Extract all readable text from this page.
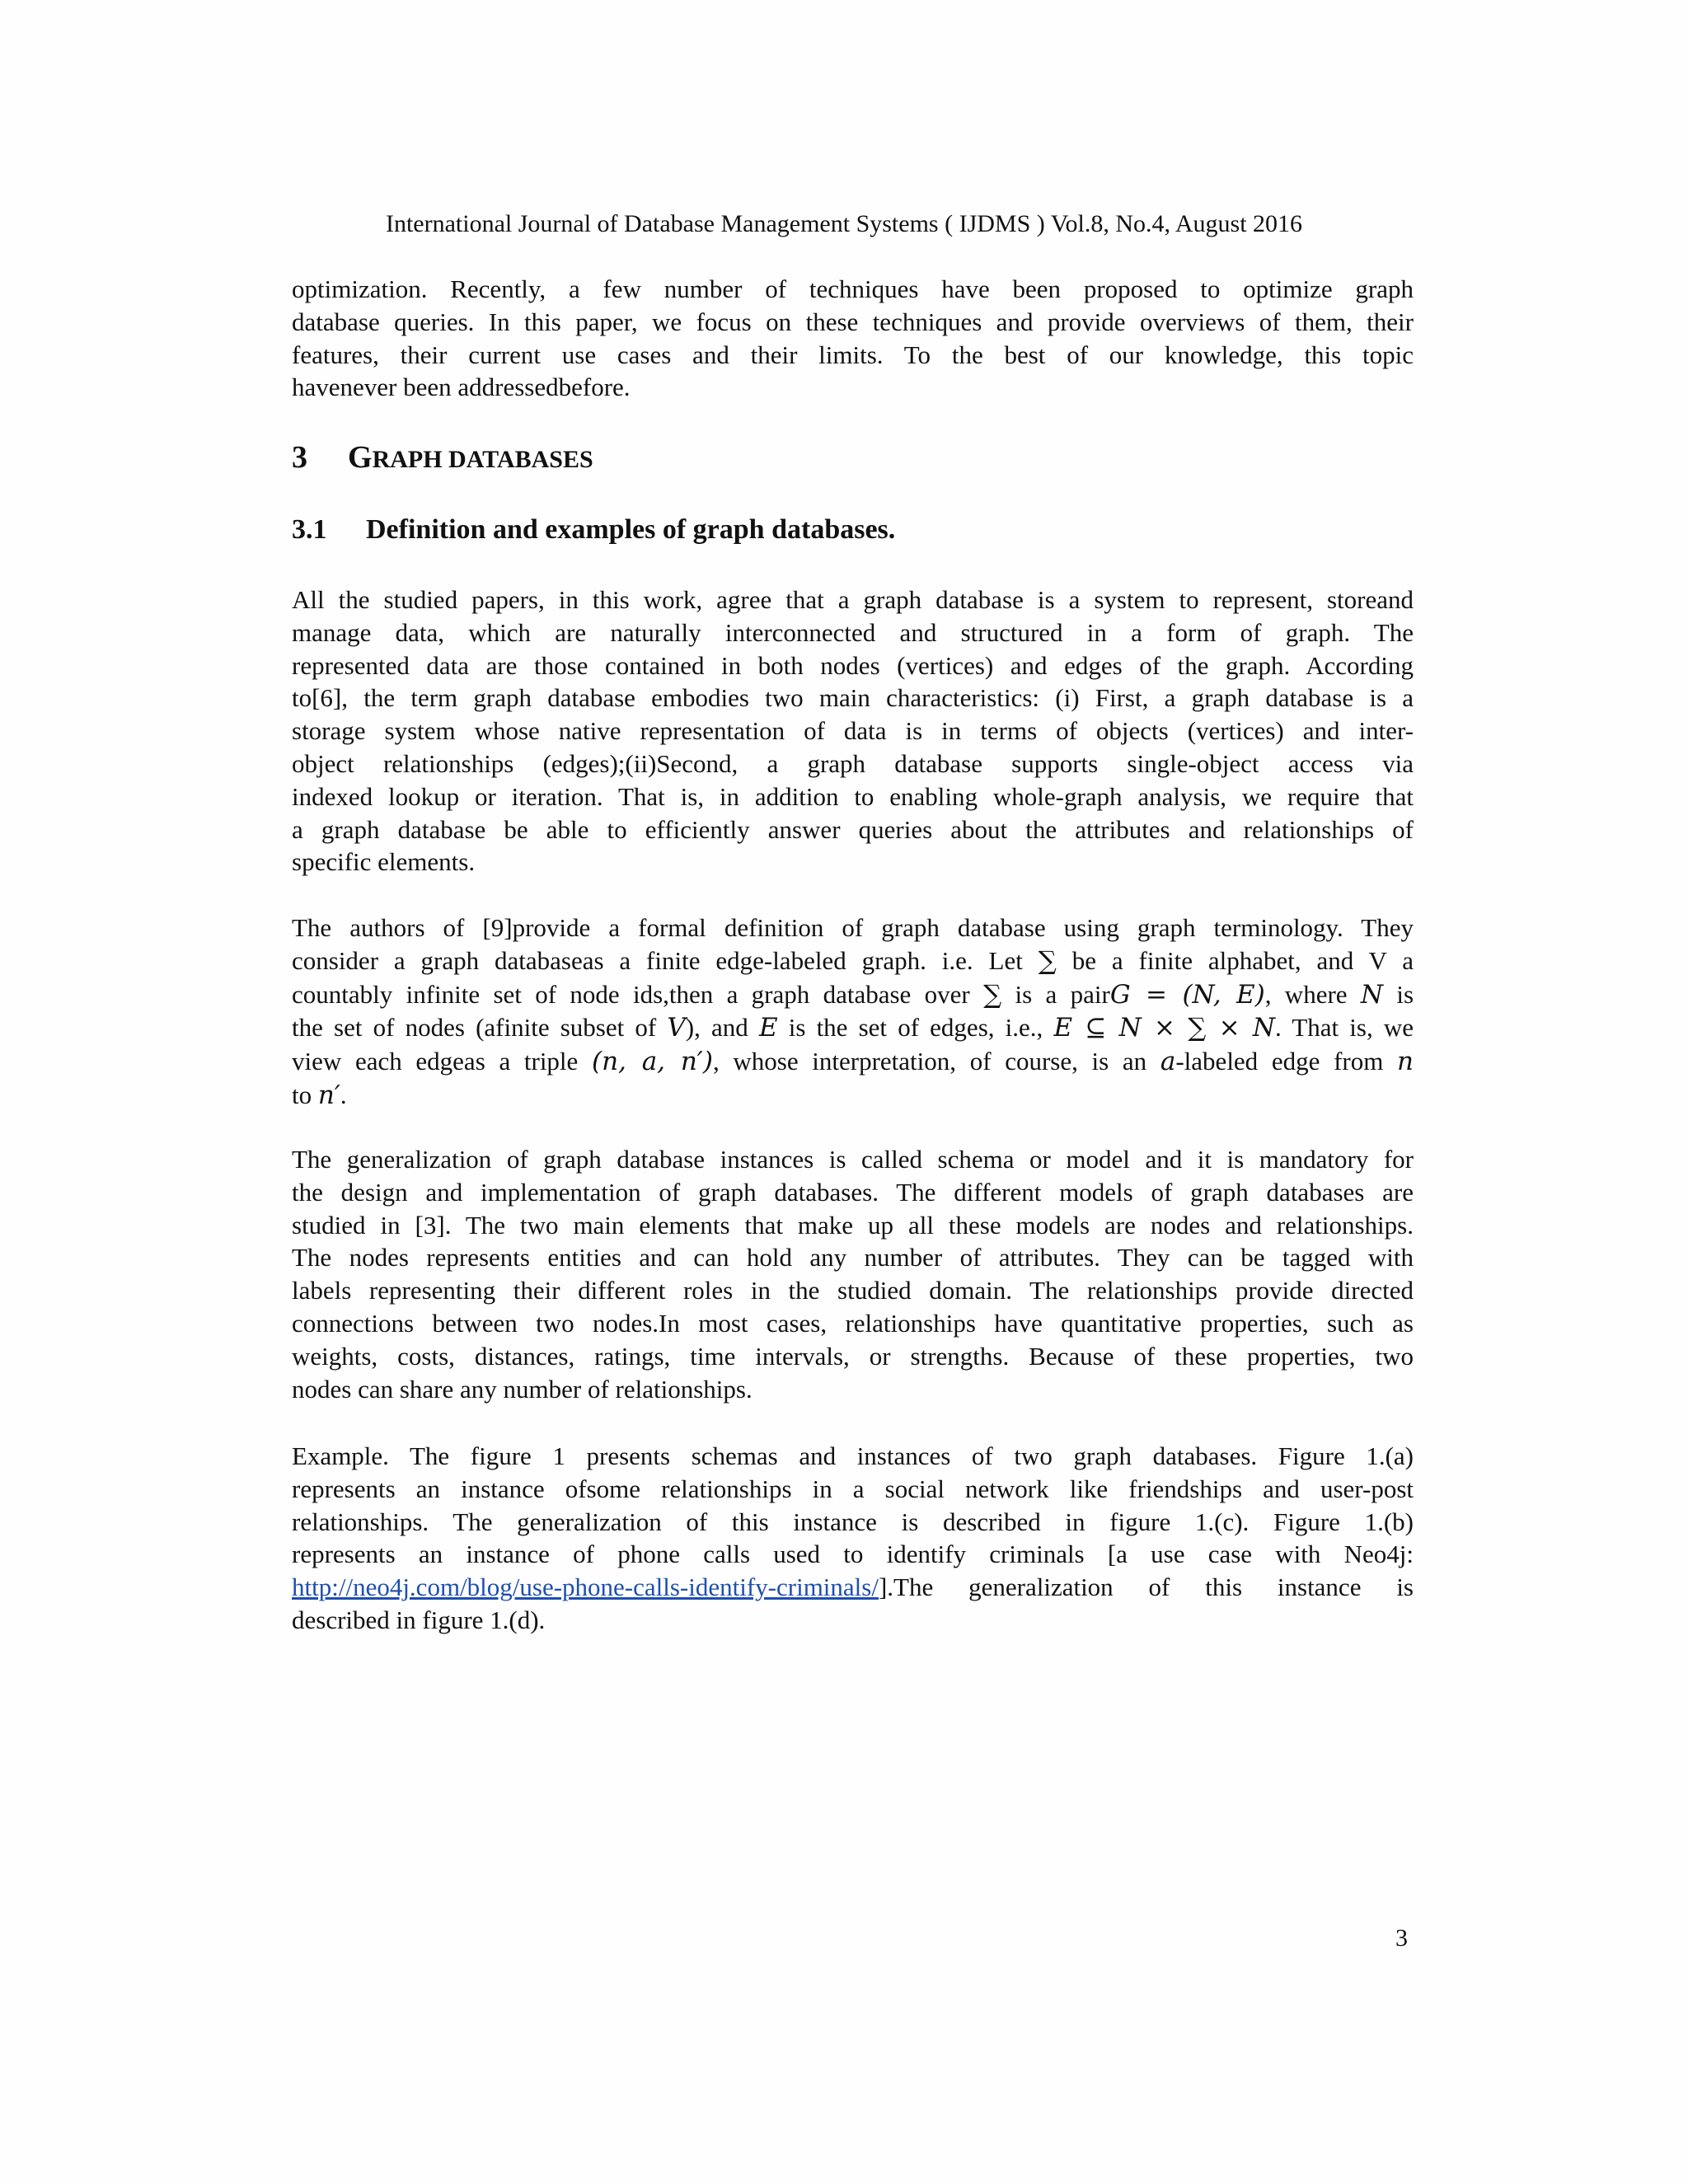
International Journal of Database Management Systems ( IJDMS ) Vol.8, No.4, August 2016

optimization. Recently, a few number of techniques have been proposed to optimize graph
database queries. In this paper, we focus on these techniques and provide overviews of them, their
features, their current use cases and their limits. To the best of our knowledge, this topic
havenever been addressedbefore.

3 GRAPH DATABASES
3.1 Definition and examples of graph databases.

All the studied papers, in this work, agree that a graph database is a system to represent, storeand
manage data, which are naturally interconnected and structured in a form of graph. The
represented data are those contained in both nodes (vertices) and edges of the graph. According
to[6], the term graph database embodies two main characteristics: (i) First, a graph database is a
storage system whose native representation of data is in terms of objects (vertices) and inter-
object relationships (edges);(ii)Second, a graph database supports single-object access via
indexed lookup or iteration. That is, in addition to enabling whole-graph analysis, we require that
a graph database be able to efficiently answer queries about the attributes and relationships of
specific elements.

The authors of [9]provide a formal definition of graph database using graph terminology. They
consider a graph databaseas a finite edge-labeled graph. i.e. Let ∑ be a finite alphabet, and V a
countably infinite set of node ids,then a graph database over ∑ is a pairG = (N, E), where N is
the set of nodes (afinite subset of V), and E is the set of edges, i.e., E ⊆ N × ∑ × N. That is, we
view each edgeas a triple (n, a, n′), whose interpretation, of course, is an a-labeled edge from n
to n′.

The generalization of graph database instances is called schema or model and it is mandatory for
the design and implementation of graph databases. The different models of graph databases are
studied in [3]. The two main elements that make up all these models are nodes and relationships.
The nodes represents entities and can hold any number of attributes. They can be tagged with
labels representing their different roles in the studied domain. The relationships provide directed
connections between two nodes.In most cases, relationships have quantitative properties, such as
weights, costs, distances, ratings, time intervals, or strengths. Because of these properties, two
nodes can share any number of relationships.

Example. The figure 1 presents schemas and instances of two graph databases. Figure 1.(a)
represents an instance ofsome relationships in a social network like friendships and user-post
relationships. The generalization of this instance is described in figure 1.(c). Figure 1.(b)
represents an instance of phone calls used to identify criminals [a use case with Neo4j:
http://neo4j.com/blog/use-phone-calls-identify-criminals/].The generalization of this instance is
described in figure 1.(d).

3
